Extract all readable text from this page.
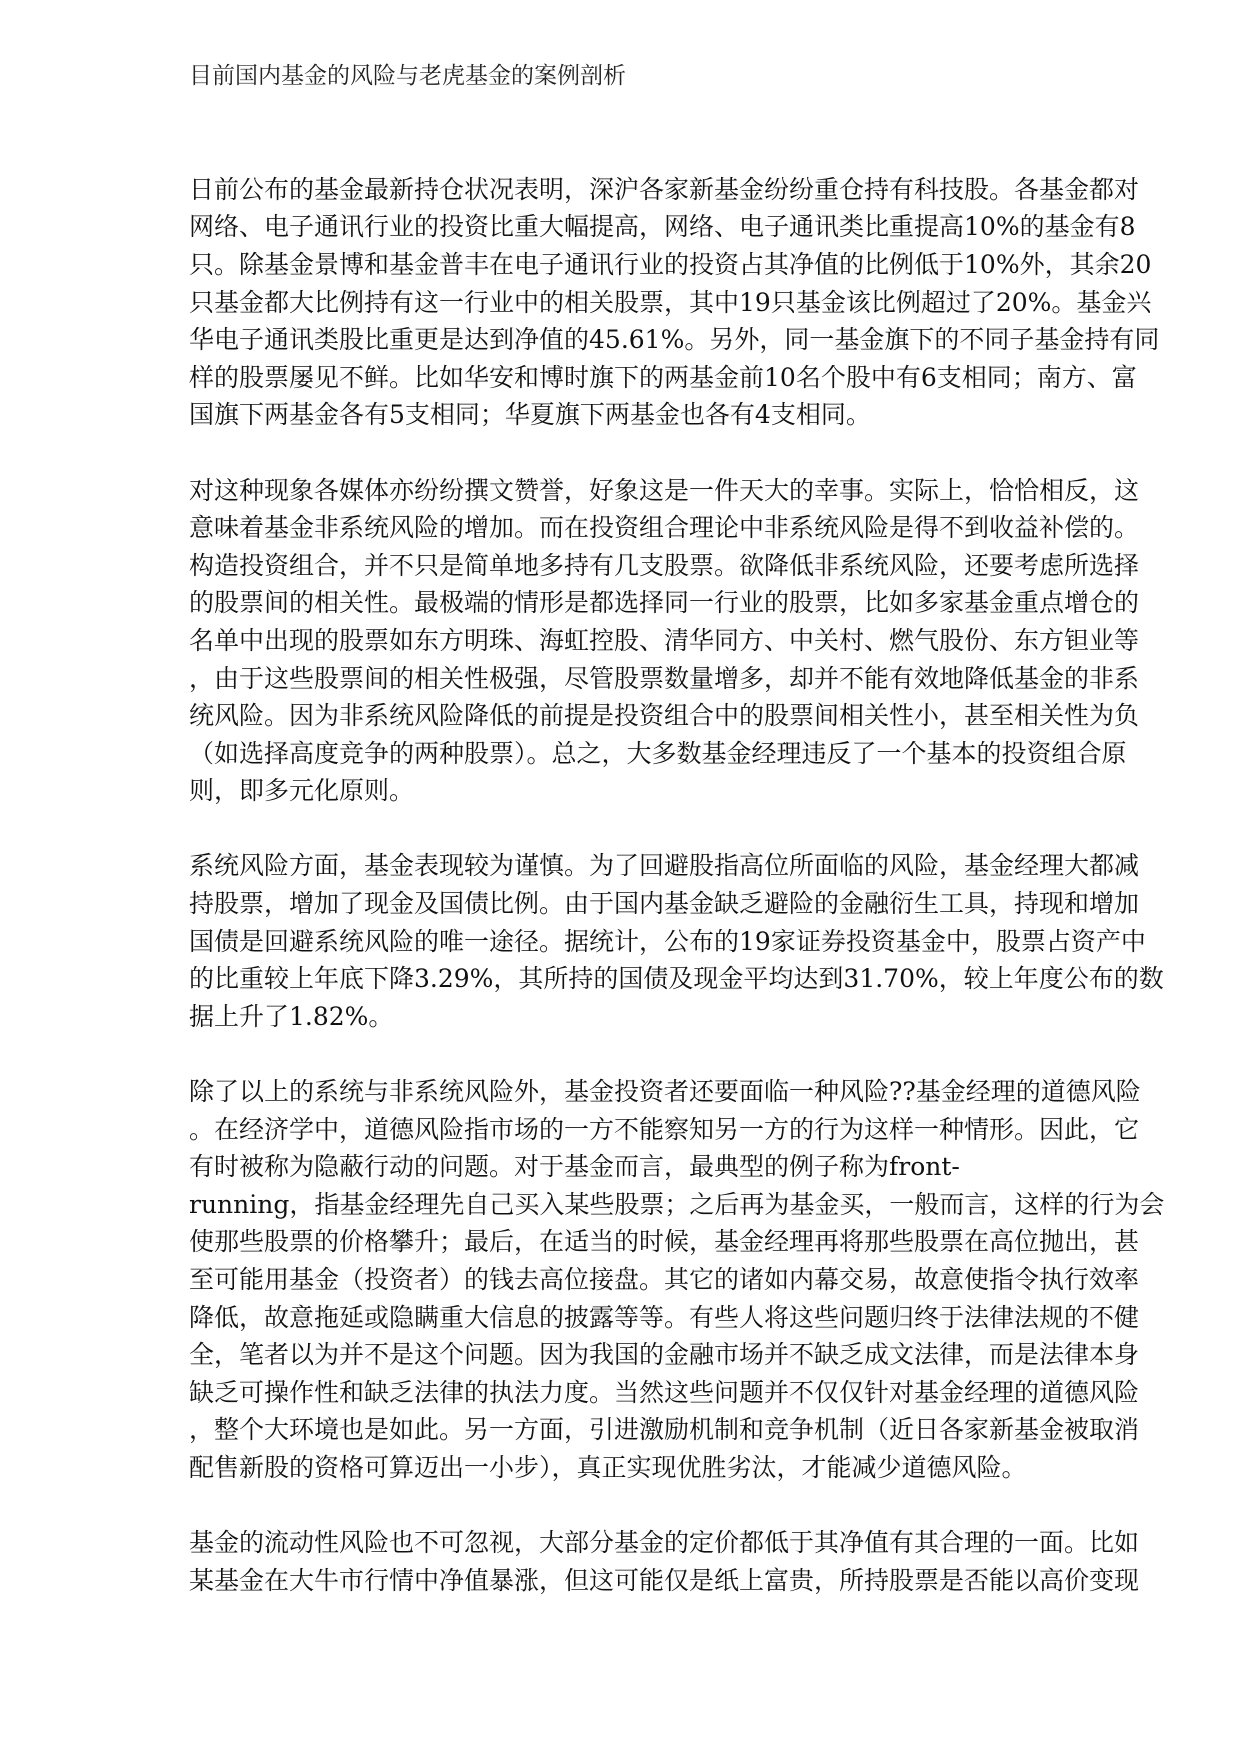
目前国内基金的风险与老虎基金的案例剖析
日前公布的基金最新持仓状况表明，深沪各家新基金纷纷重仓持有科技股。各基金都对
网络、电子通讯行业的投资比重大幅提高，网络、电子通讯类比重提高10%的基金有8
只。除基金景博和基金普丰在电子通讯行业的投资占其净值的比例低于10%外，其余20
只基金都大比例持有这一行业中的相关股票，其中19只基金该比例超过了20%。基金兴
华电子通讯类股比重更是达到净值的45.61%。另外，同一基金旗下的不同子基金持有同
样的股票屡见不鲜。比如华安和博时旗下的两基金前10名个股中有6支相同；南方、富
国旗下两基金各有5支相同；华夏旗下两基金也各有4支相同。
对这种现象各媒体亦纷纷撰文赞誉，好象这是一件天大的幸事。实际上，恰恰相反，这
意味着基金非系统风险的增加。而在投资组合理论中非系统风险是得不到收益补偿的。
构造投资组合，并不只是简单地多持有几支股票。欲降低非系统风险，还要考虑所选择
的股票间的相关性。最极端的情形是都选择同一行业的股票，比如多家基金重点增仓的
名单中出现的股票如东方明珠、海虹控股、清华同方、中关村、燃气股份、东方钽业等
，由于这些股票间的相关性极强，尽管股票数量增多，却并不能有效地降低基金的非系
统风险。因为非系统风险降低的前提是投资组合中的股票间相关性小，甚至相关性为负
（如选择高度竞争的两种股票）。总之，大多数基金经理违反了一个基本的投资组合原
则，即多元化原则。
系统风险方面，基金表现较为谨慎。为了回避股指高位所面临的风险，基金经理大都减
持股票，增加了现金及国债比例。由于国内基金缺乏避险的金融衍生工具，持现和增加
国债是回避系统风险的唯一途径。据统计，公布的19家证券投资基金中，股票占资产中
的比重较上年底下降3.29%，其所持的国债及现金平均达到31.70%，较上年度公布的数
据上升了1.82%。
除了以上的系统与非系统风险外，基金投资者还要面临一种风险??基金经理的道德风险
。在经济学中，道德风险指市场的一方不能察知另一方的行为这样一种情形。因此，它
有时被称为隐蔽行动的问题。对于基金而言，最典型的例子称为front-
running，指基金经理先自己买入某些股票；之后再为基金买，一般而言，这样的行为会
使那些股票的价格攀升；最后，在适当的时候，基金经理再将那些股票在高位抛出，甚
至可能用基金（投资者）的钱去高位接盘。其它的诸如内幕交易，故意使指令执行效率
降低，故意拖延或隐瞒重大信息的披露等等。有些人将这些问题归终于法律法规的不健
全，笔者以为并不是这个问题。因为我国的金融市场并不缺乏成文法律，而是法律本身
缺乏可操作性和缺乏法律的执法力度。当然这些问题并不仅仅针对基金经理的道德风险
，整个大环境也是如此。另一方面，引进激励机制和竞争机制（近日各家新基金被取消
配售新股的资格可算迈出一小步），真正实现优胜劣汰，才能减少道德风险。
基金的流动性风险也不可忽视，大部分基金的定价都低于其净值有其合理的一面。比如
某基金在大牛市行情中净值暴涨，但这可能仅是纸上富贵，所持股票是否能以高价变现
